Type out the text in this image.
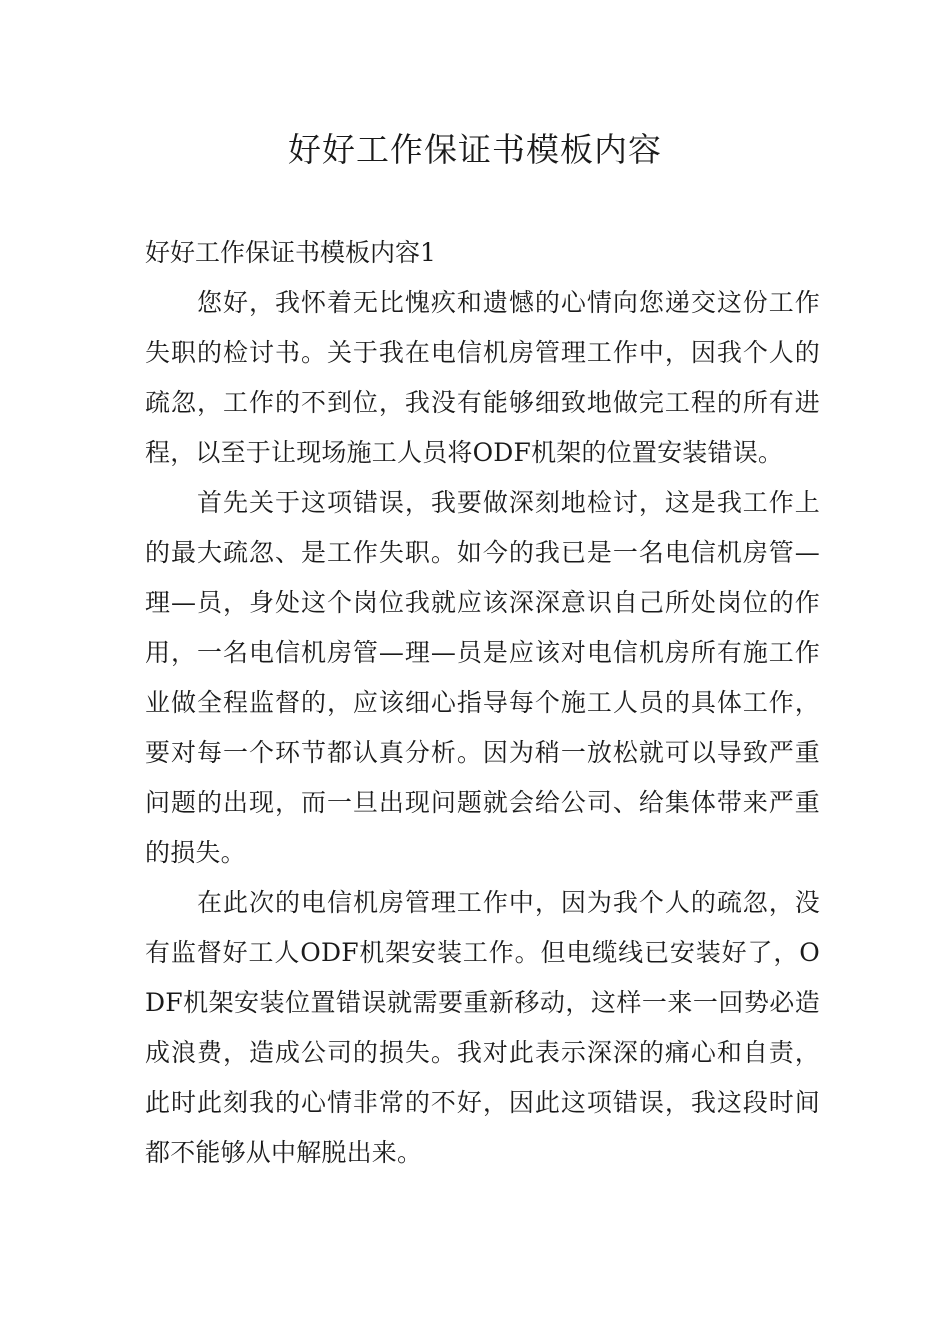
好好工作保证书模板内容

好好工作保证书模板内容1

您好，我怀着无比愧疚和遗憾的心情向您递交这份工作失职的检讨书。关于我在电信机房管理工作中，因我个人的疏忽，工作的不到位，我没有能够细致地做完工程的所有进程，以至于让现场施工人员将ODF机架的位置安装错误。

首先关于这项错误，我要做深刻地检讨，这是我工作上的最大疏忽、是工作失职。如今的我已是一名电信机房管—理—员，身处这个岗位我就应该深深意识自己所处岗位的作用，一名电信机房管—理—员是应该对电信机房所有施工作业做全程监督的，应该细心指导每个施工人员的具体工作，要对每一个环节都认真分析。因为稍一放松就可以导致严重问题的出现，而一旦出现问题就会给公司、给集体带来严重的损失。

在此次的电信机房管理工作中，因为我个人的疏忽，没有监督好工人ODF机架安装工作。但电缆线已安装好了，ODF机架安装位置错误就需要重新移动，这样一来一回势必造成浪费，造成公司的损失。我对此表示深深的痛心和自责，此时此刻我的心情非常的不好，因此这项错误，我这段时间都不能够从中解脱出来。
